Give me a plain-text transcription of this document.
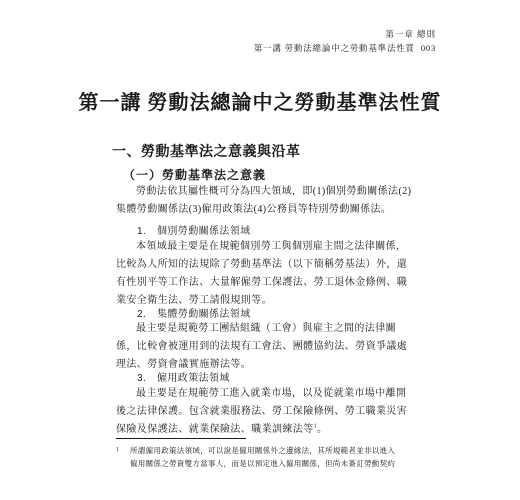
第一章 總則
第一講 勞動法總論中之勞動基準法性質 003
第一講 勞動法總論中之勞動基準法性質
一、勞動基準法之意義與沿革
（一）勞動基準法之意義

勞動法依其屬性概可分為四大領域，即(1)個別勞動關係法(2)集體勞動關係法(3)僱用政策法(4)公務員等特別勞動關係法。

1. 個別勞動關係法領域

本領域最主要是在規範個別勞工與個別雇主間之法律關係，比較為人所知的法規除了勞動基準法（以下簡稱勞基法）外，還有性別平等工作法、大量解僱勞工保護法、勞工退休金條例、職業安全衛生法、勞工請假規則等。

2. 集體勞動關係法領域

最主要是規範勞工團結組織（工會）與雇主之間的法律關係，比較會被運用到的法規有工會法、團體協約法、勞資爭議處理法、勞資會議實施辦法等。

3. 僱用政策法領域

最主要是在規範勞工進入就業市場，以及從就業市場中離開後之法律保護。包含就業服務法、勞工保險條例、勞工職業災害保險及保護法、就業保險法、職業訓練法等$^1$。

1 所謂僱用政策法領域，可以說是僱用關係外之邊緣法，其所規範者並非以進入
僱用關係之勞資雙方當事人，而是以預定進入僱用關係，但尚未簽訂勞動契約
